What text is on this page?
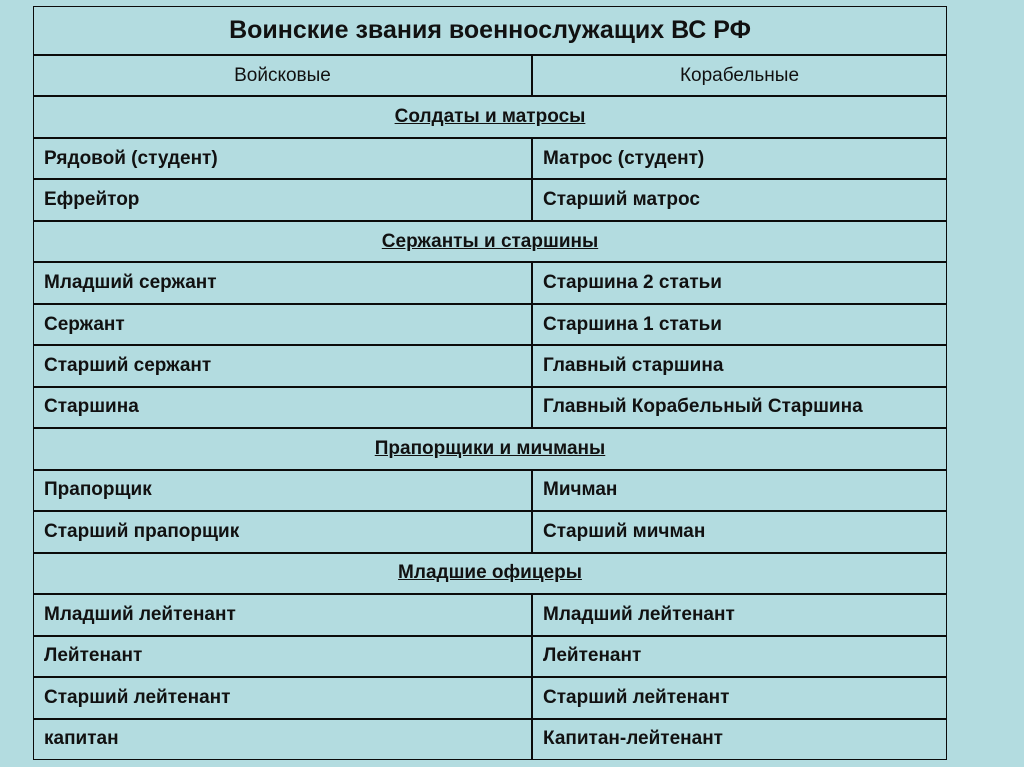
Воинские звания военнослужащих ВС РФ
Войсковые	Корабельные
Солдаты и матросы
Рядовой (студент)	Матрос (студент)
Ефрейтор	Старший матрос
Сержанты и старшины
Младший сержант	Старшина 2 статьи
Сержант	Старшина 1 статьи
Старший сержант	Главный старшина
Старшина	Главный Корабельный Старшина
Прапорщики и мичманы
Прапорщик	Мичман
Старший прапорщик	Старший мичман
Младшие офицеры
Младший лейтенант	Младший лейтенант
Лейтенант	Лейтенант
Старший лейтенант	Старший лейтенант
капитан	Капитан-лейтенант
